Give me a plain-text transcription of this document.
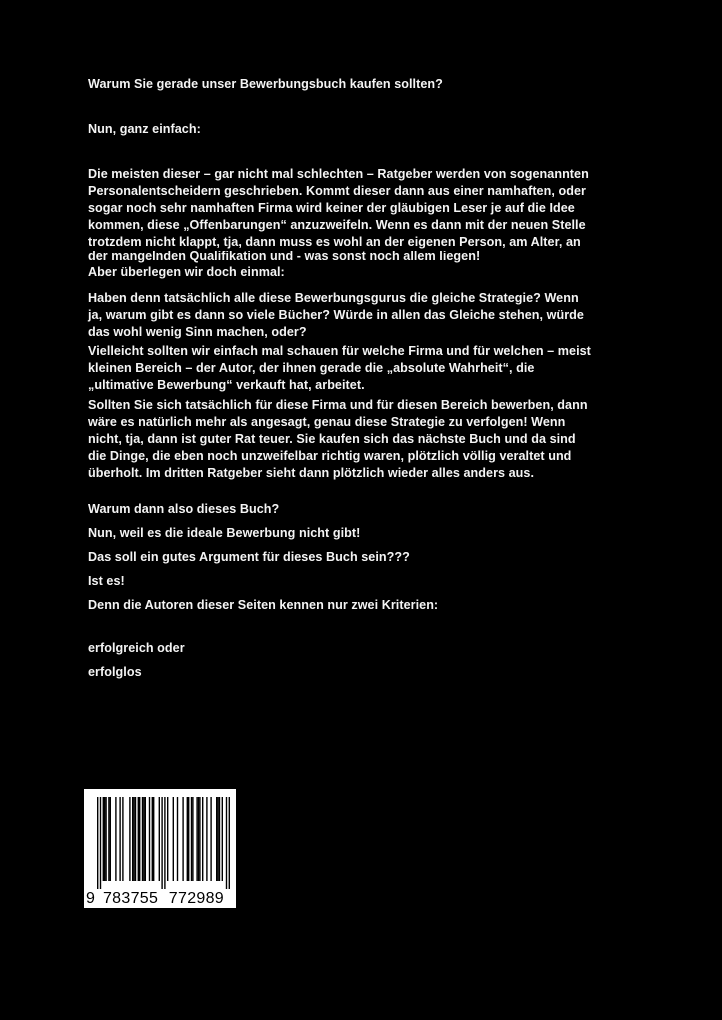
Warum Sie gerade unser Bewerbungsbuch kaufen sollten?
Nun, ganz einfach:

Die meisten dieser – gar nicht mal schlechten – Ratgeber werden von sogenannten

Personalentscheidern geschrieben. Kommt dieser dann aus einer namhaften, oder

sogar noch sehr namhaften Firma wird keiner der gläubigen Leser je auf die Idee

kommen, diese „Offenbarungen“ anzuzweifeln. Wenn es dann mit der neuen Stelle

trotzdem nicht klappt, tja, dann muss es wohl an der eigenen Person, am Alter, an

der mangelnden Qualifikation und - was sonst noch allem liegen!

Aber überlegen wir doch einmal:

Haben denn tatsächlich alle diese Bewerbungsgurus die gleiche Strategie? Wenn

ja, warum gibt es dann so viele Bücher? Würde in allen das Gleiche stehen, würde

das wohl wenig Sinn machen, oder?

Vielleicht sollten wir einfach mal schauen für welche Firma und für welchen – meist

kleinen Bereich – der Autor, der ihnen gerade die „absolute Wahrheit“, die

„ultimative Bewerbung“ verkauft hat, arbeitet.

Sollten Sie sich tatsächlich für diese Firma und für diesen Bereich bewerben, dann

wäre es natürlich mehr als angesagt, genau diese Strategie zu verfolgen! Wenn

nicht, tja, dann ist guter Rat teuer. Sie kaufen sich das nächste Buch und da sind

die Dinge, die eben noch unzweifelbar richtig waren, plötzlich völlig veraltet und

überholt. Im dritten Ratgeber sieht dann plötzlich wieder alles anders aus.

Warum dann also dieses Buch?
Nun, weil es die ideale Bewerbung nicht gibt!
Das soll ein gutes Argument für dieses Buch sein???
Ist es!
Denn die Autoren dieser Seiten kennen nur zwei Kriterien:
erfolgreich oder
erfolglos
9 783755 772989
